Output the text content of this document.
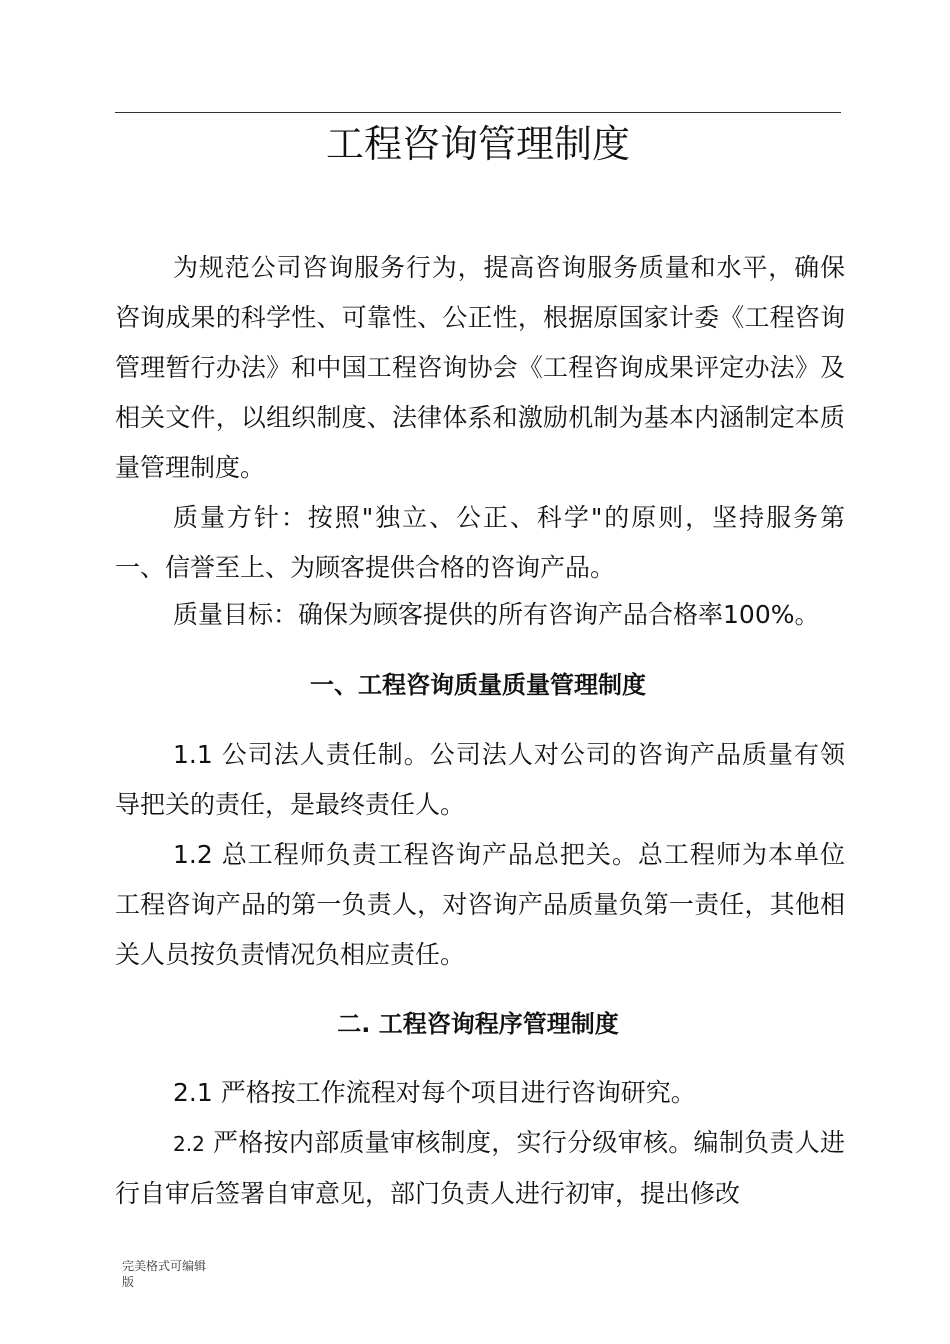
工程咨询管理制度
为规范公司咨询服务行为，提高咨询服务质量和水平，确保咨询成果的科学性、可靠性、公正性，根据原国家计委《工程咨询管理暂行办法》和中国工程咨询协会《工程咨询成果评定办法》及相关文件，以组织制度、法律体系和激励机制为基本内涵制定本质量管理制度。
质量方针：按照"独立、公正、科学"的原则，坚持服务第一、信誉至上、为顾客提供合格的咨询产品。
质量目标：确保为顾客提供的所有咨询产品合格率100%。
一、工程咨询质量质量管理制度
1.1 公司法人责任制。公司法人对公司的咨询产品质量有领导把关的责任，是最终责任人。
1.2 总工程师负责工程咨询产品总把关。总工程师为本单位工程咨询产品的第一负责人，对咨询产品质量负第一责任，其他相关人员按负责情况负相应责任。
二. 工程咨询程序管理制度
2.1 严格按工作流程对每个项目进行咨询研究。
2.2 严格按内部质量审核制度，实行分级审核。编制负责人进行自审后签署自审意见，部门负责人进行初审，提出修改
完美格式可编辑
版
